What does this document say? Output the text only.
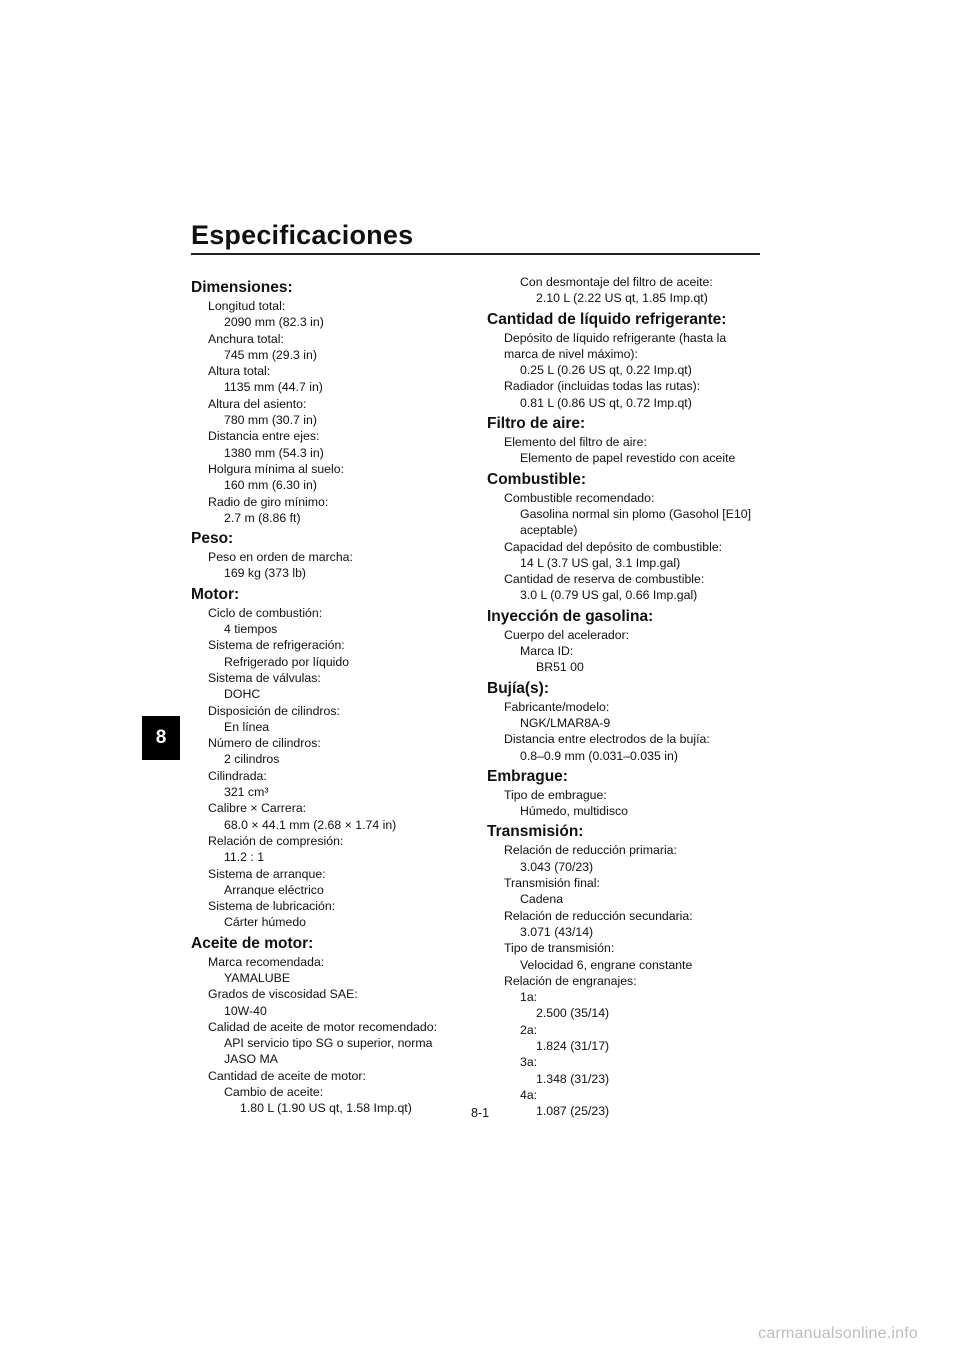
Especificaciones
8
Dimensiones:
Longitud total:
2090 mm (82.3 in)
Anchura total:
745 mm (29.3 in)
Altura total:
1135 mm (44.7 in)
Altura del asiento:
780 mm (30.7 in)
Distancia entre ejes:
1380 mm (54.3 in)
Holgura mínima al suelo:
160 mm (6.30 in)
Radio de giro mínimo:
2.7 m (8.86 ft)
Peso:
Peso en orden de marcha:
169 kg (373 lb)
Motor:
Ciclo de combustión:
4 tiempos
Sistema de refrigeración:
Refrigerado por líquido
Sistema de válvulas:
DOHC
Disposición de cilindros:
En línea
Número de cilindros:
2 cilindros
Cilindrada:
321 cm³
Calibre × Carrera:
68.0 × 44.1 mm (2.68 × 1.74 in)
Relación de compresión:
11.2 : 1
Sistema de arranque:
Arranque eléctrico
Sistema de lubricación:
Cárter húmedo
Aceite de motor:
Marca recomendada:
YAMALUBE
Grados de viscosidad SAE:
10W-40
Calidad de aceite de motor recomendado:
API servicio tipo SG o superior, norma
JASO MA
Cantidad de aceite de motor:
Cambio de aceite:
1.80 L (1.90 US qt, 1.58 Imp.qt)
Con desmontaje del filtro de aceite:
2.10 L (2.22 US qt, 1.85 Imp.qt)
Cantidad de líquido refrigerante:
Depósito de líquido refrigerante (hasta la
marca de nivel máximo):
0.25 L (0.26 US qt, 0.22 Imp.qt)
Radiador (incluidas todas las rutas):
0.81 L (0.86 US qt, 0.72 Imp.qt)
Filtro de aire:
Elemento del filtro de aire:
Elemento de papel revestido con aceite
Combustible:
Combustible recomendado:
Gasolina normal sin plomo (Gasohol [E10]
aceptable)
Capacidad del depósito de combustible:
14 L (3.7 US gal, 3.1 Imp.gal)
Cantidad de reserva de combustible:
3.0 L (0.79 US gal, 0.66 Imp.gal)
Inyección de gasolina:
Cuerpo del acelerador:
Marca ID:
BR51 00
Bujía(s):
Fabricante/modelo:
NGK/LMAR8A-9
Distancia entre electrodos de la bujía:
0.8–0.9 mm (0.031–0.035 in)
Embrague:
Tipo de embrague:
Húmedo, multidisco
Transmisión:
Relación de reducción primaria:
3.043 (70/23)
Transmisión final:
Cadena
Relación de reducción secundaria:
3.071 (43/14)
Tipo de transmisión:
Velocidad 6, engrane constante
Relación de engranajes:
1a:
2.500 (35/14)
2a:
1.824 (31/17)
3a:
1.348 (31/23)
4a:
1.087 (25/23)
8-1
carmanualsonline.info
